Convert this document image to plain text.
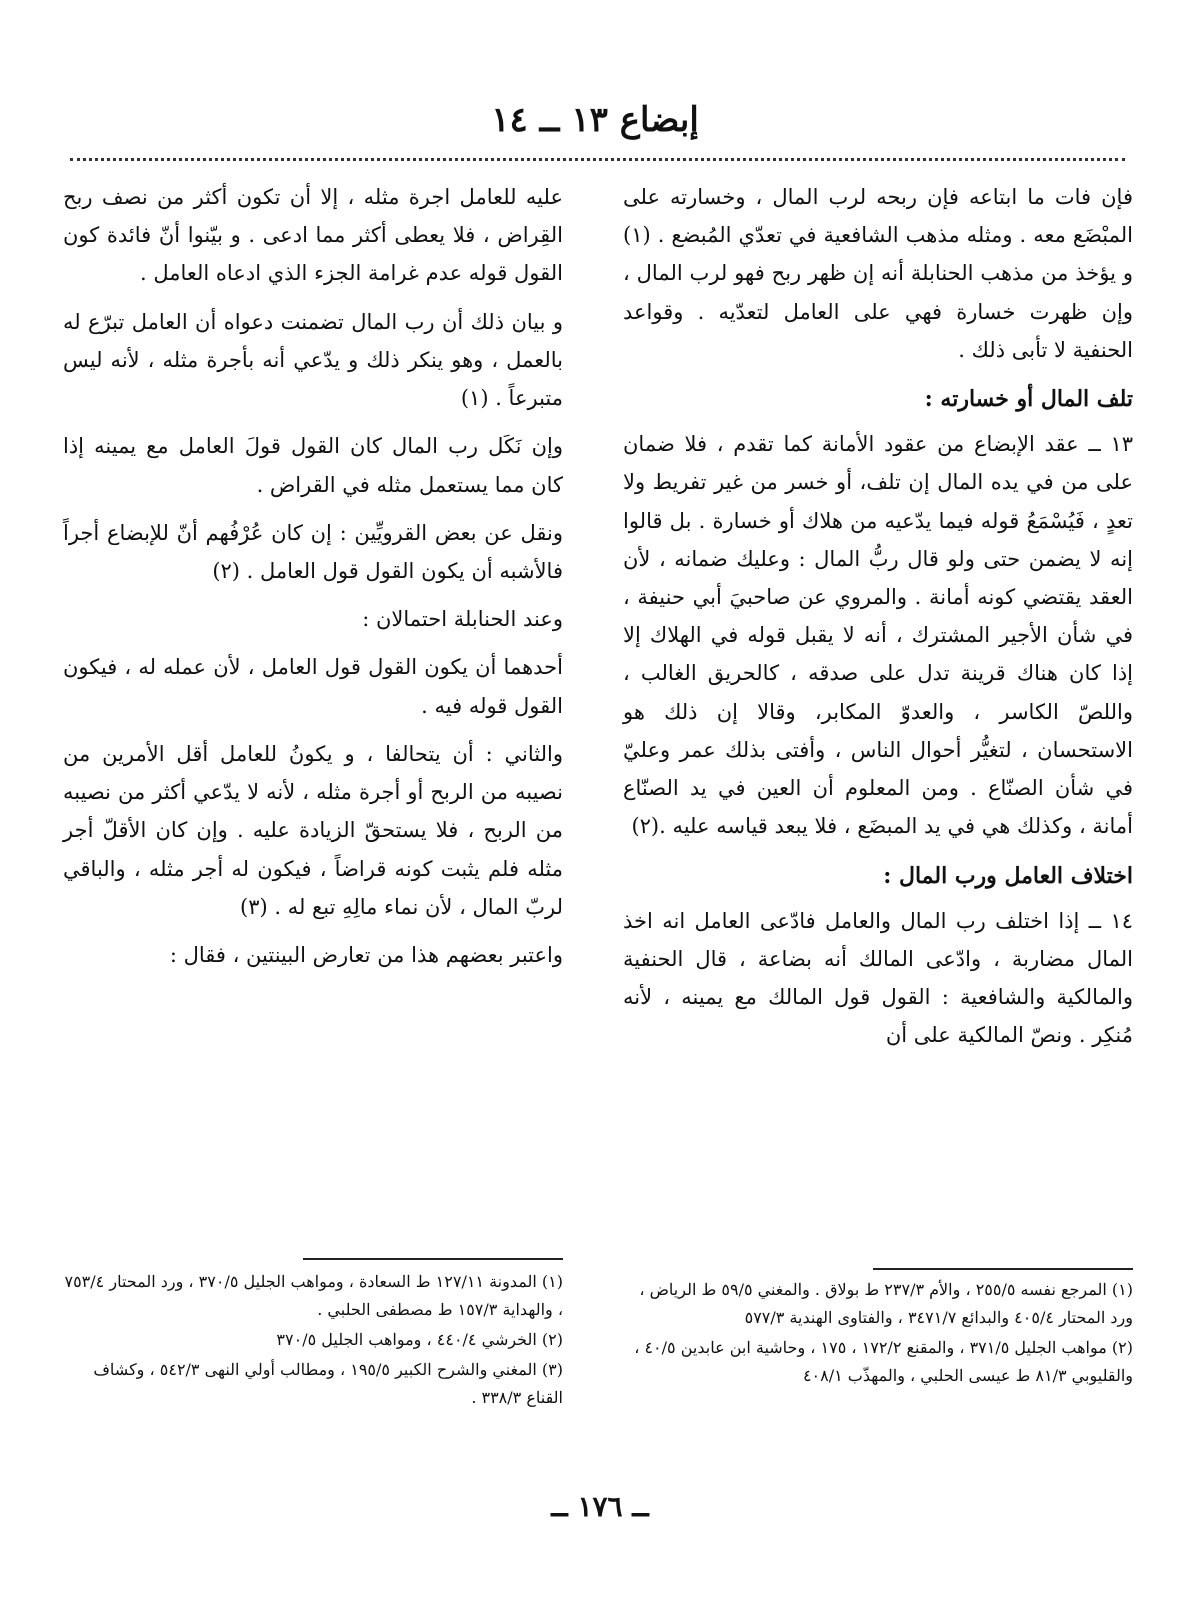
إبضاع ١٣ ــ ١٤

فإن فات ما ابتاعه فإن ربحه لرب المال ، وخسارته على المبْضَع معه . ومثله مذهب الشافعية في تعدّي المُبضع . (١) و يؤخذ من مذهب الحنابلة أنه إن ظهر ربح فهو لرب المال ، وإن ظهرت خسارة فهي على العامل لتعدّيه . وقواعد الحنفية لا تأبى ذلك .

تلف المال أو خسارته :

١٣ ــ عقد الإبضاع من عقود الأمانة كما تقدم ، فلا ضمان على من في يده المال إن تلف، أو خسر من غير تفريط ولا تعدٍ ، فَيُسْمَعُ قوله فيما يدّعيه من هلاك أو خسارة . بل قالوا إنه لا يضمن حتى ولو قال ربُّ المال : وعليك ضمانه ، لأن العقد يقتضي كونه أمانة . والمروي عن صاحبيَ أبي حنيفة ، في شأن الأجير المشترك ، أنه لا يقبل قوله في الهلاك إلا إذا كان هناك قرينة تدل على صدقه ، كالحريق الغالب ، واللصّ الكاسر ، والعدوّ المكابر، وقالا إن ذلك هو الاستحسان ، لتغيُّر أحوال الناس ، وأفتى بذلك عمر وعليّ في شأن الصنّاع . ومن المعلوم أن العين في يد الصنّاع أمانة ، وكذلك هي في يد المبضَع ، فلا يبعد قياسه عليه .(٢)

اختلاف العامل ورب المال :

١٤ ــ إذا اختلف رب المال والعامل فادّعى العامل انه اخذ المال مضاربة ، وادّعى المالك أنه بضاعة ، قال الحنفية والمالكية والشافعية : القول قول المالك مع يمينه ، لأنه مُنكِر . ونصّ المالكية على أن

عليه للعامل اجرة مثله ، إلا أن تكون أكثر من نصف ربح القِراض ، فلا يعطى أكثر مما ادعى . و بيّنوا أنّ فائدة كون القول قوله عدم غرامة الجزء الذي ادعاه العامل .

و بيان ذلك أن رب المال تضمنت دعواه أن العامل تبرّع له بالعمل ، وهو ينكر ذلك و يدّعي أنه بأجرة مثله ، لأنه ليس متبرعاً . (١)

وإن نَكَل رب المال كان القول قولَ العامل مع يمينه إذا كان مما يستعمل مثله في القراض .

ونقل عن بعض القرويِّين : إن كان عُرْفُهم أنّ للإبضاع أجراً فالأشبه أن يكون القول قول العامل . (٢)

وعند الحنابلة احتمالان :

أحدهما أن يكون القول قول العامل ، لأن عمله له ، فيكون القول قوله فيه .

والثاني : أن يتحالفا ، و يكونُ للعامل أقل الأمرين من نصيبه من الربح أو أجرة مثله ، لأنه لا يدّعي أكثر من نصيبه من الربح ، فلا يستحقّ الزيادة عليه . وإن كان الأقلّ أجر مثله فلم يثبت كونه قراضاً ، فيكون له أجر مثله ، والباقي لربّ المال ، لأن نماء مالِهِ تبع له . (٣)

واعتبر بعضهم هذا من تعارض البينتين ، فقال :

(١) المرجع نفسه ٢٥٥/٥ ، والأم ٢٣٧/٣ ط بولاق . والمغني ٥٩/٥ ط الرياض ، ورد المحتار ٤٠٥/٤ والبدائع ٣٤٧١/٧ ، والفتاوى الهندية ٥٧٧/٣

(٢) مواهب الجليل ٣٧١/٥ ، والمقنع ١٧٢/٢ ، ١٧٥ ، وحاشية ابن عابدين ٤٠/٥ ، والقليوبي ٨١/٣ ط عيسى الحلبي ، والمهذّب ٤٠٨/١

(١) المدونة ١٢٧/١١ ط السعادة ، ومواهب الجليل ٣٧٠/٥ ، ورد المحتار ٧٥٣/٤ ، والهداية ١٥٧/٣ ط مصطفى الحلبي .

(٢) الخرشي ٤٤٠/٤ ، ومواهب الجليل ٣٧٠/٥

(٣) المغني والشرح الكبير ١٩٥/٥ ، ومطالب أولي النهى ٥٤٢/٣ ، وكشاف القناع ٣٣٨/٣ .

ــ ١٧٦ ــ
